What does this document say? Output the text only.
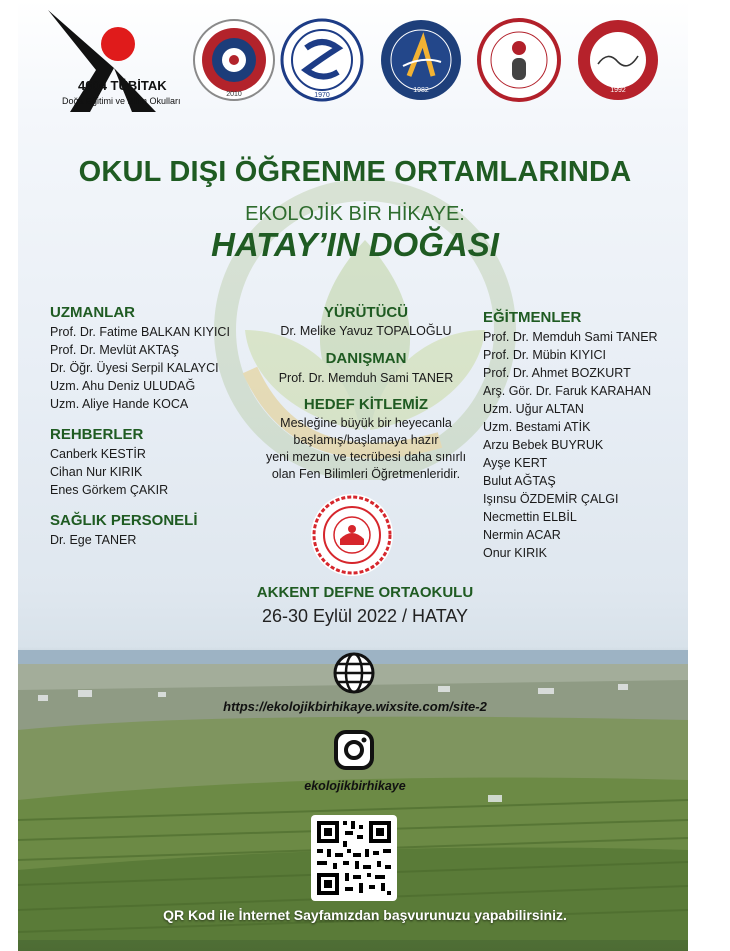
4004 TÜBİTAK
Doğa Eğitimi ve Bilim Okulları
2010	1970
1982	1992
OKUL DIŞI ÖĞRENME ORTAMLARINDA
EKOLOJİK BİR HİKAYE:
HATAY’IN DOĞASI
UZMANLAR
Prof. Dr. Fatime BALKAN KIYICI
Prof. Dr. Mevlüt AKTAŞ
Dr. Öğr. Üyesi Serpil KALAYCI
Uzm. Ahu Deniz ULUDAĞ
Uzm. Aliye Hande KOCA
REHBERLER
Canberk KESTİR
Cihan Nur KIRIK
Enes Görkem ÇAKIR
SAĞLIK PERSONELİ
Dr. Ege TANER
YÜRÜTÜCÜ
Dr. Melike Yavuz TOPALOĞLU
DANIŞMAN
Prof. Dr. Memduh Sami TANER
HEDEF KİTLEMİZ
Mesleğine büyük bir heyecanla
başlamış/başlamaya hazır
yeni mezun ve tecrübesi daha sınırlı
olan Fen Bilimleri Öğretmenleridir.
EĞİTMENLER
Prof. Dr. Memduh Sami TANER
Prof. Dr. Mübin KIYICI
Prof. Dr. Ahmet BOZKURT
Arş. Gör. Dr. Faruk KARAHAN
Uzm. Uğur ALTAN
Uzm. Bestami ATİK
Arzu Bebek BUYRUK
Ayşe KERT
Bulut AĞTAŞ
Işınsu ÖZDEMİR ÇALGI
Necmettin ELBİL
Nermin ACAR
Onur KIRIK
AKKENT DEFNE ORTAOKULU
26-30 Eylül 2022 / HATAY
https://ekolojikbirhikaye.wixsite.com/site-2
ekolojikbirhikaye
QR Kod ile İnternet Sayfamızdan başvurunuzu yapabilirsiniz.
